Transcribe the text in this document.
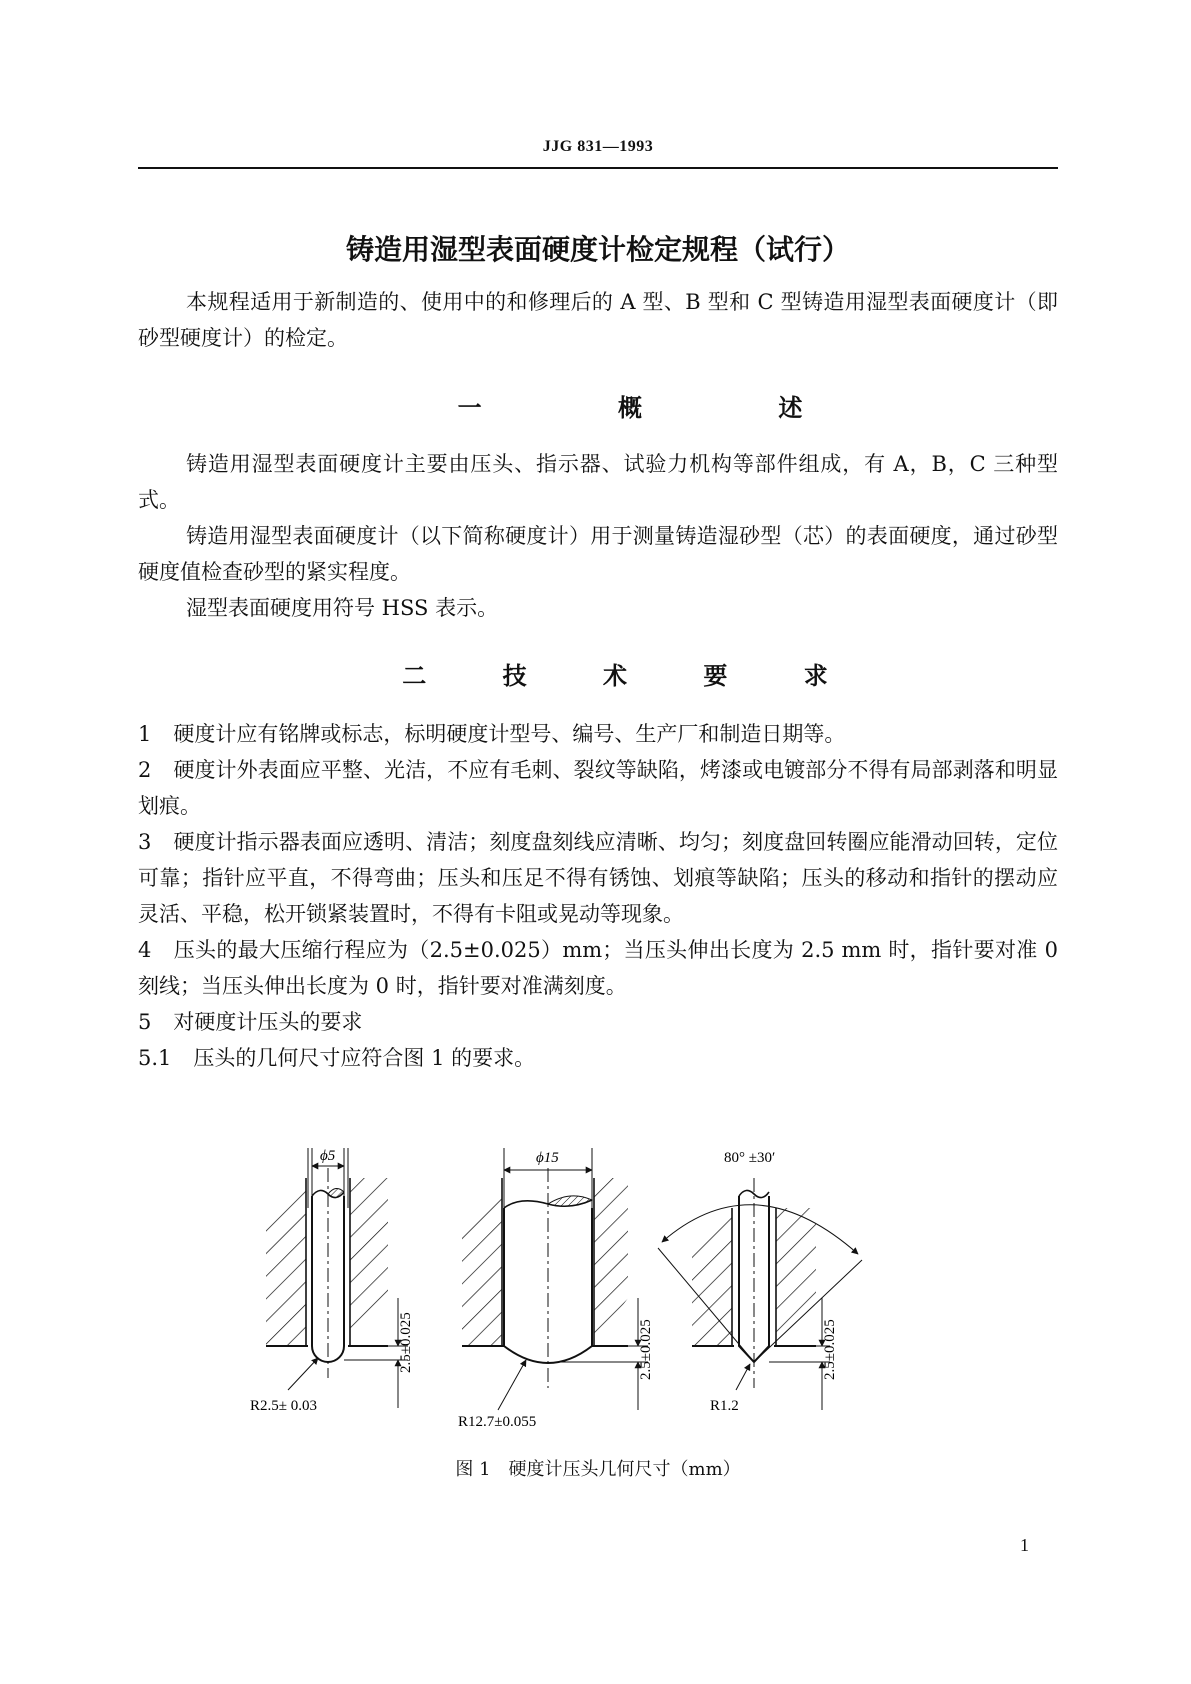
JJG 831—1993
铸造用湿型表面硬度计检定规程（试行）
本规程适用于新制造的、使用中的和修理后的 A 型、B 型和 C 型铸造用湿型表面硬度计（即砂型硬度计）的检定。
一 概 述
铸造用湿型表面硬度计主要由压头、指示器、试验力机构等部件组成，有 A，B，C 三种型式。
铸造用湿型表面硬度计（以下简称硬度计）用于测量铸造湿砂型（芯）的表面硬度，通过砂型硬度值检查砂型的紧实程度。
湿型表面硬度用符号 HSS 表示。
二 技 术 要 求
1 硬度计应有铭牌或标志，标明硬度计型号、编号、生产厂和制造日期等。
2 硬度计外表面应平整、光洁，不应有毛刺、裂纹等缺陷，烤漆或电镀部分不得有局部剥落和明显划痕。
3 硬度计指示器表面应透明、清洁；刻度盘刻线应清晰、均匀；刻度盘回转圈应能滑动回转，定位可靠；指针应平直，不得弯曲；压头和压足不得有锈蚀、划痕等缺陷；压头的移动和指针的摆动应灵活、平稳，松开锁紧装置时，不得有卡阻或晃动等现象。
4 压头的最大压缩行程应为（2.5±0.025）mm；当压头伸出长度为 2.5 mm 时，指针要对准 0 刻线；当压头伸出长度为 0 时，指针要对准满刻度。
5 对硬度计压头的要求
5.1 压头的几何尺寸应符合图 1 的要求。
ϕ5
2.5±0.025
R2.5± 0.03
ϕ15
2.5±0.025
R12.7±0.055
80° ±30′
2.5±0.025
R1.2
图 1　硬度计压头几何尺寸（mm）
1
